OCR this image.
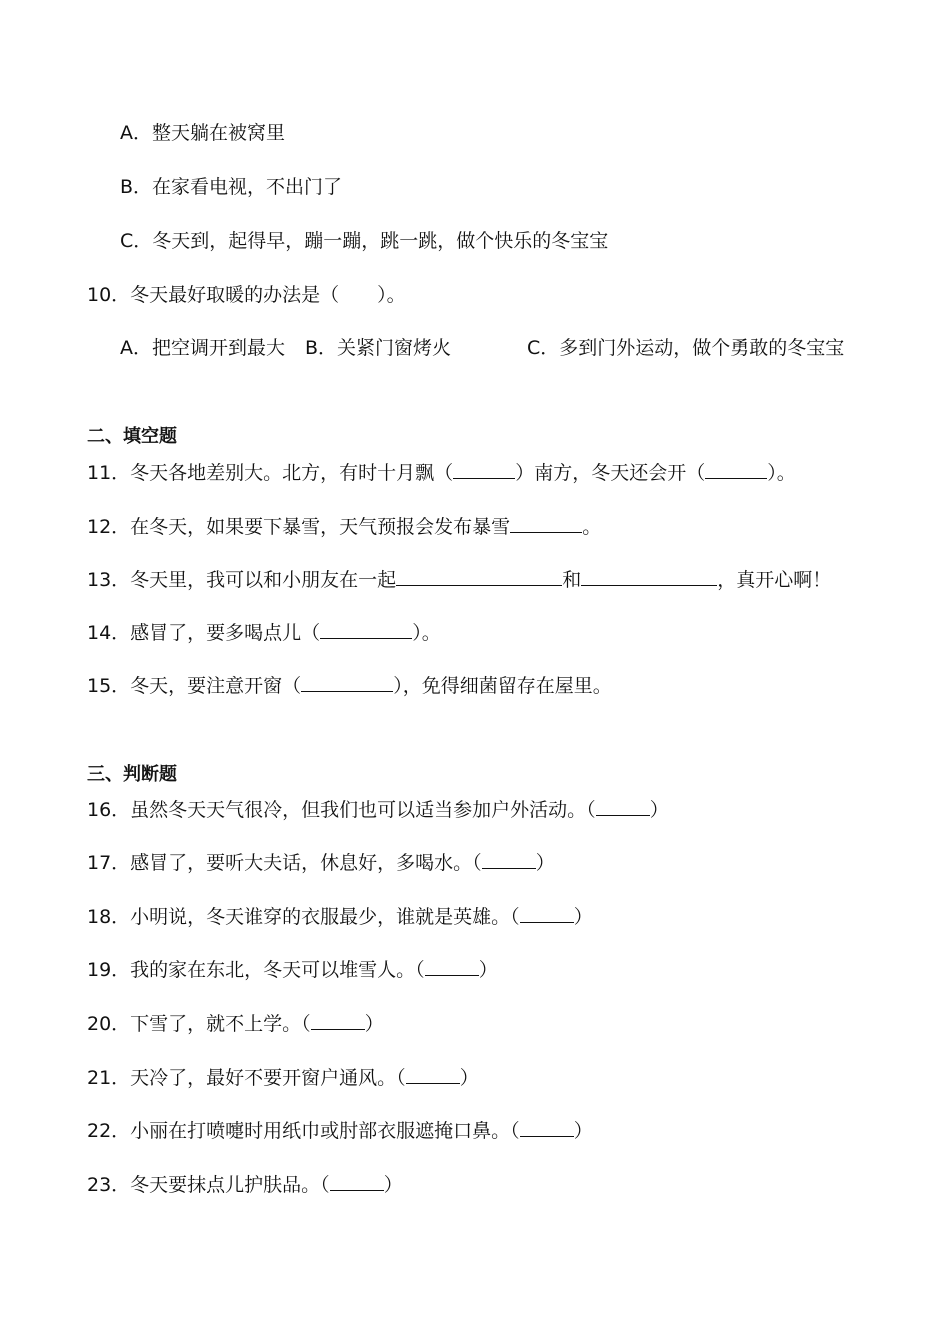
A．整天躺在被窝里
B．在家看电视，不出门了
C．冬天到，起得早，蹦一蹦，跳一跳，做个快乐的冬宝宝
10．冬天最好取暖的办法是（　　）。
A．把空调开到最大 B．关紧门窗烤火	C．多到门外运动，做个勇敢的冬宝宝
二、填空题
11．冬天各地差别大。北方，有时十月飘（	）南方，冬天还会开（	）。
12．在冬天，如果要下暴雪，天气预报会发布暴雪	。
13．冬天里，我可以和小朋友在一起	和	，真开心啊！
14．感冒了，要多喝点儿（	）。
15．冬天，要注意开窗（	），免得细菌留存在屋里。
三、判断题
16．虽然冬天天气很冷，但我们也可以适当参加户外活动。（	）
17．感冒了，要听大夫话，休息好，多喝水。（	）
18．小明说，冬天谁穿的衣服最少，谁就是英雄。（	）
19．我的家在东北，冬天可以堆雪人。（	）
20．下雪了，就不上学。（	）
21．天冷了，最好不要开窗户通风。（	）
22．小丽在打喷嚏时用纸巾或肘部衣服遮掩口鼻。（	）
23．冬天要抹点儿护肤品。（	）
